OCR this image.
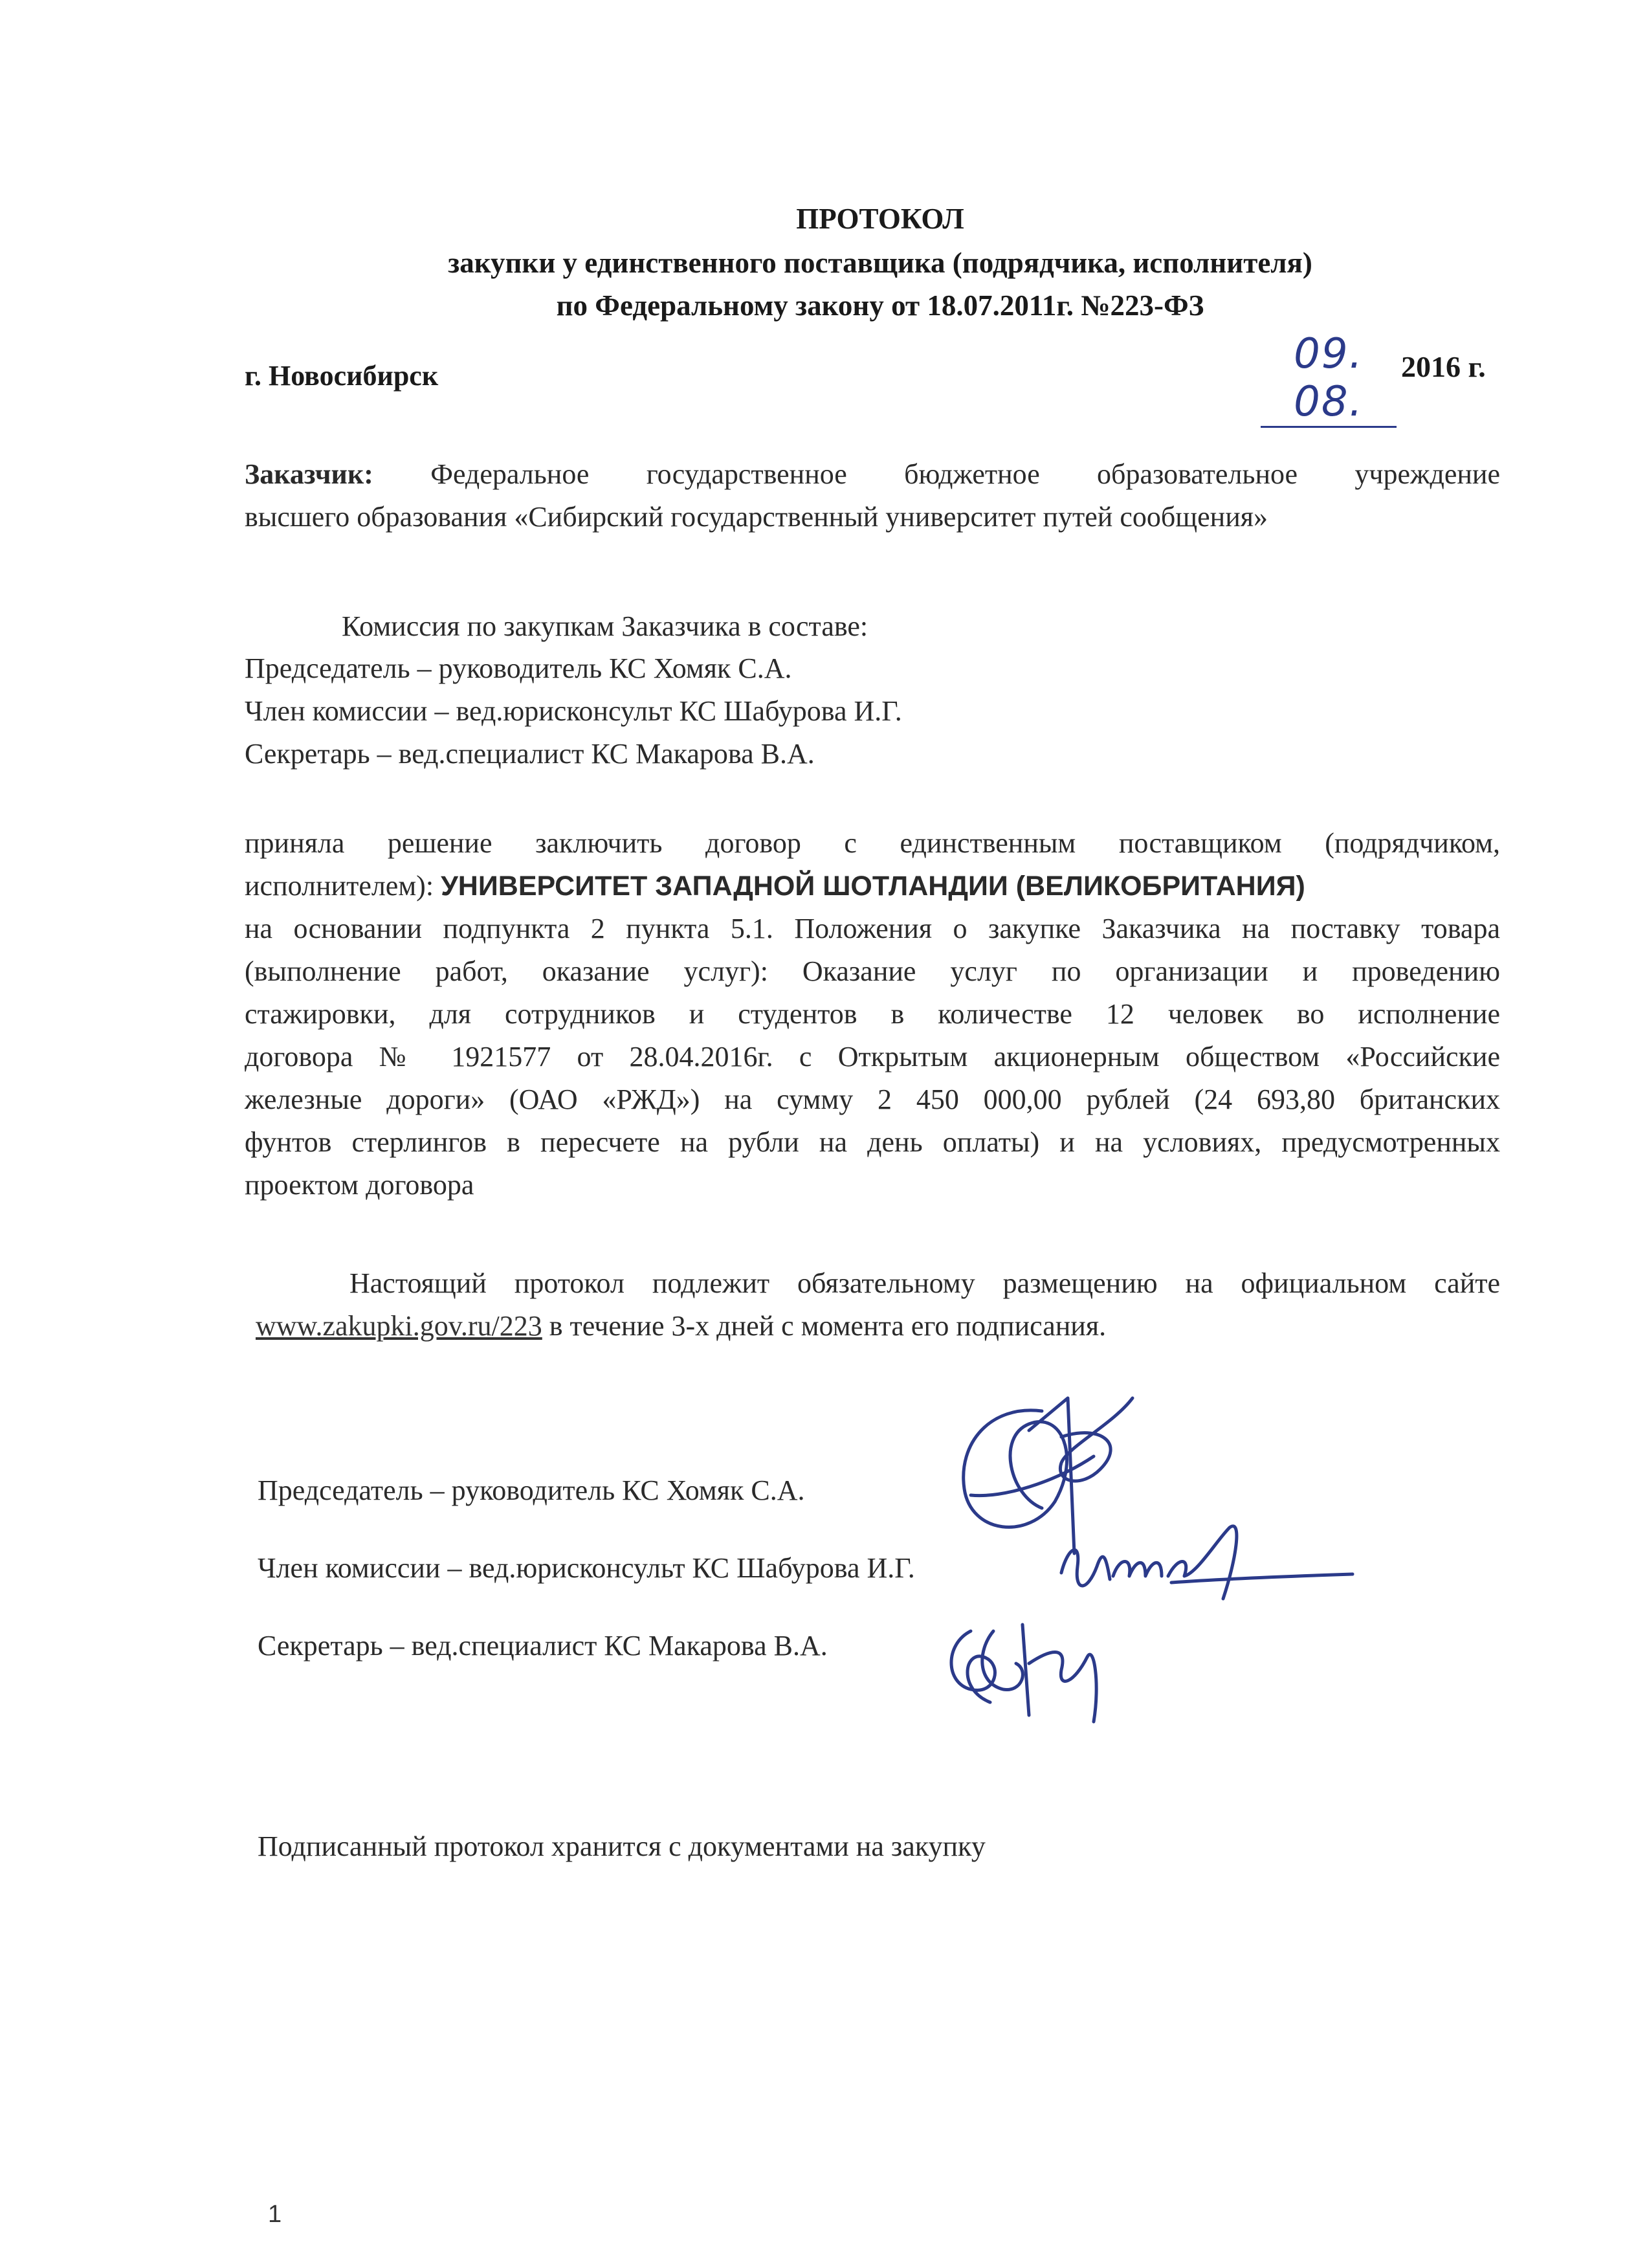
ПРОТОКОЛ
закупки у единственного поставщика (подрядчика, исполнителя)
по Федеральному закону от 18.07.2011г. №223-ФЗ
г. Новосибирск	09. 08.
2016 г.
Заказчик: Федеральное государственное бюджетное образовательное учреждение
высшего образования «Сибирский государственный университет путей сообщения»
Комиссия по закупкам Заказчика в составе:
Председатель – руководитель КС Хомяк С.А.
Член комиссии – вед.юрисконсульт КС Шабурова И.Г.
Секретарь – вед.специалист КС Макарова В.А.
приняла решение заключить договор с единственным поставщиком (подрядчиком,
исполнителем): УНИВЕРСИТЕТ ЗАПАДНОЙ ШОТЛАНДИИ (ВЕЛИКОБРИТАНИЯ)
на основании подпункта 2 пункта 5.1. Положения о закупке Заказчика на поставку товара
(выполнение работ, оказание услуг): Оказание услуг по организации и проведению
стажировки, для сотрудников и студентов в количестве 12 человек во исполнение
договора № 1921577 от 28.04.2016г. с Открытым акционерным обществом «Российские
железные дороги» (ОАО «РЖД») на сумму 2 450 000,00 рублей (24 693,80 британских
фунтов стерлингов в пересчете на рубли на день оплаты) и на условиях, предусмотренных
проектом договора
Настоящий протокол подлежит обязательному размещению на официальном сайте
www.zakupki.gov.ru/223 в течение 3-х дней с момента его подписания.
Председатель – руководитель КС Хомяк С.А.
Член комиссии – вед.юрисконсульт КС Шабурова И.Г.
Секретарь – вед.специалист КС Макарова В.А.
Подписанный протокол хранится с документами на закупку
1
